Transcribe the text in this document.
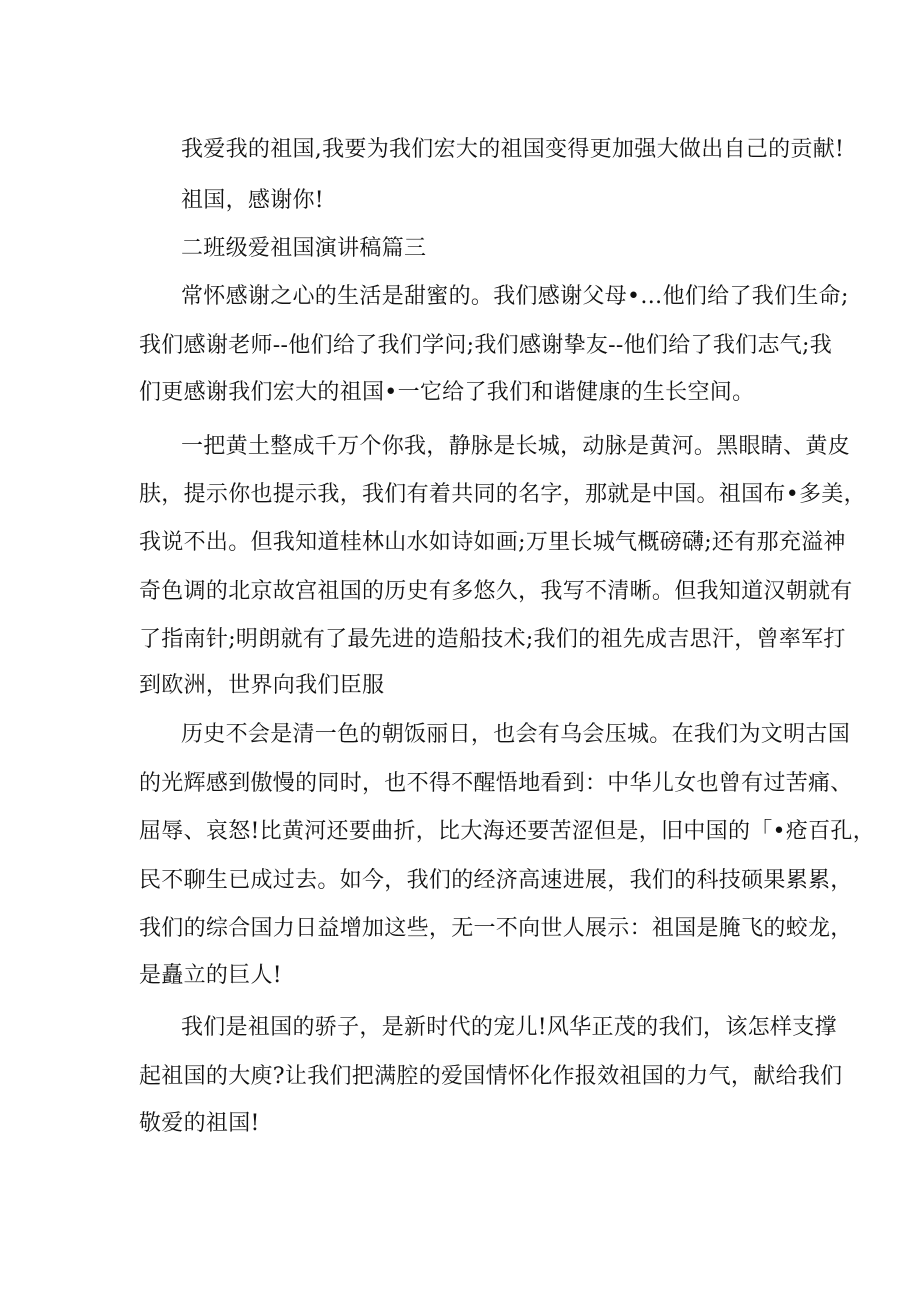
我爱我的祖国,我要为我们宏大的祖国变得更加强大做出自己的贡献!
祖国，感谢你!
二班级爱祖国演讲稿篇三
常怀感谢之心的生活是甜蜜的。我们感谢父母•…他们给了我们生命;
我们感谢老师--他们给了我们学问;我们感谢挚友--他们给了我们志气;我
们更感谢我们宏大的祖国•一它给了我们和谐健康的生长空间。
一把黄土整成千万个你我，静脉是长城，动脉是黄河。黑眼睛、黄皮
肤，提示你也提示我，我们有着共同的名字，那就是中国。祖国布•多美，
我说不出。但我知道桂林山水如诗如画;万里长城气概磅礴;还有那充溢神
奇色调的北京故宫祖国的历史有多悠久，我写不清晰。但我知道汉朝就有
了指南针;明朗就有了最先进的造船技术;我们的祖先成吉思汗，曾率军打
到欧洲，世界向我们臣服
历史不会是清一色的朝饭丽日，也会有乌会压城。在我们为文明古国
的光辉感到傲慢的同时，也不得不醒悟地看到：中华儿女也曾有过苦痛、
屈辱、哀怒!比黄河还要曲折，比大海还要苦涩但是，旧中国的「•疮百孔，
民不聊生已成过去。如今，我们的经济高速进展，我们的科技硕果累累，
我们的综合国力日益增加这些，无一不向世人展示：祖国是腌飞的蛟龙，
是矗立的巨人!
我们是祖国的骄子，是新时代的宠儿!风华正茂的我们，该怎样支撑
起祖国的大庾?让我们把满腔的爱国情怀化作报效祖国的力气，献给我们
敬爱的祖国!
